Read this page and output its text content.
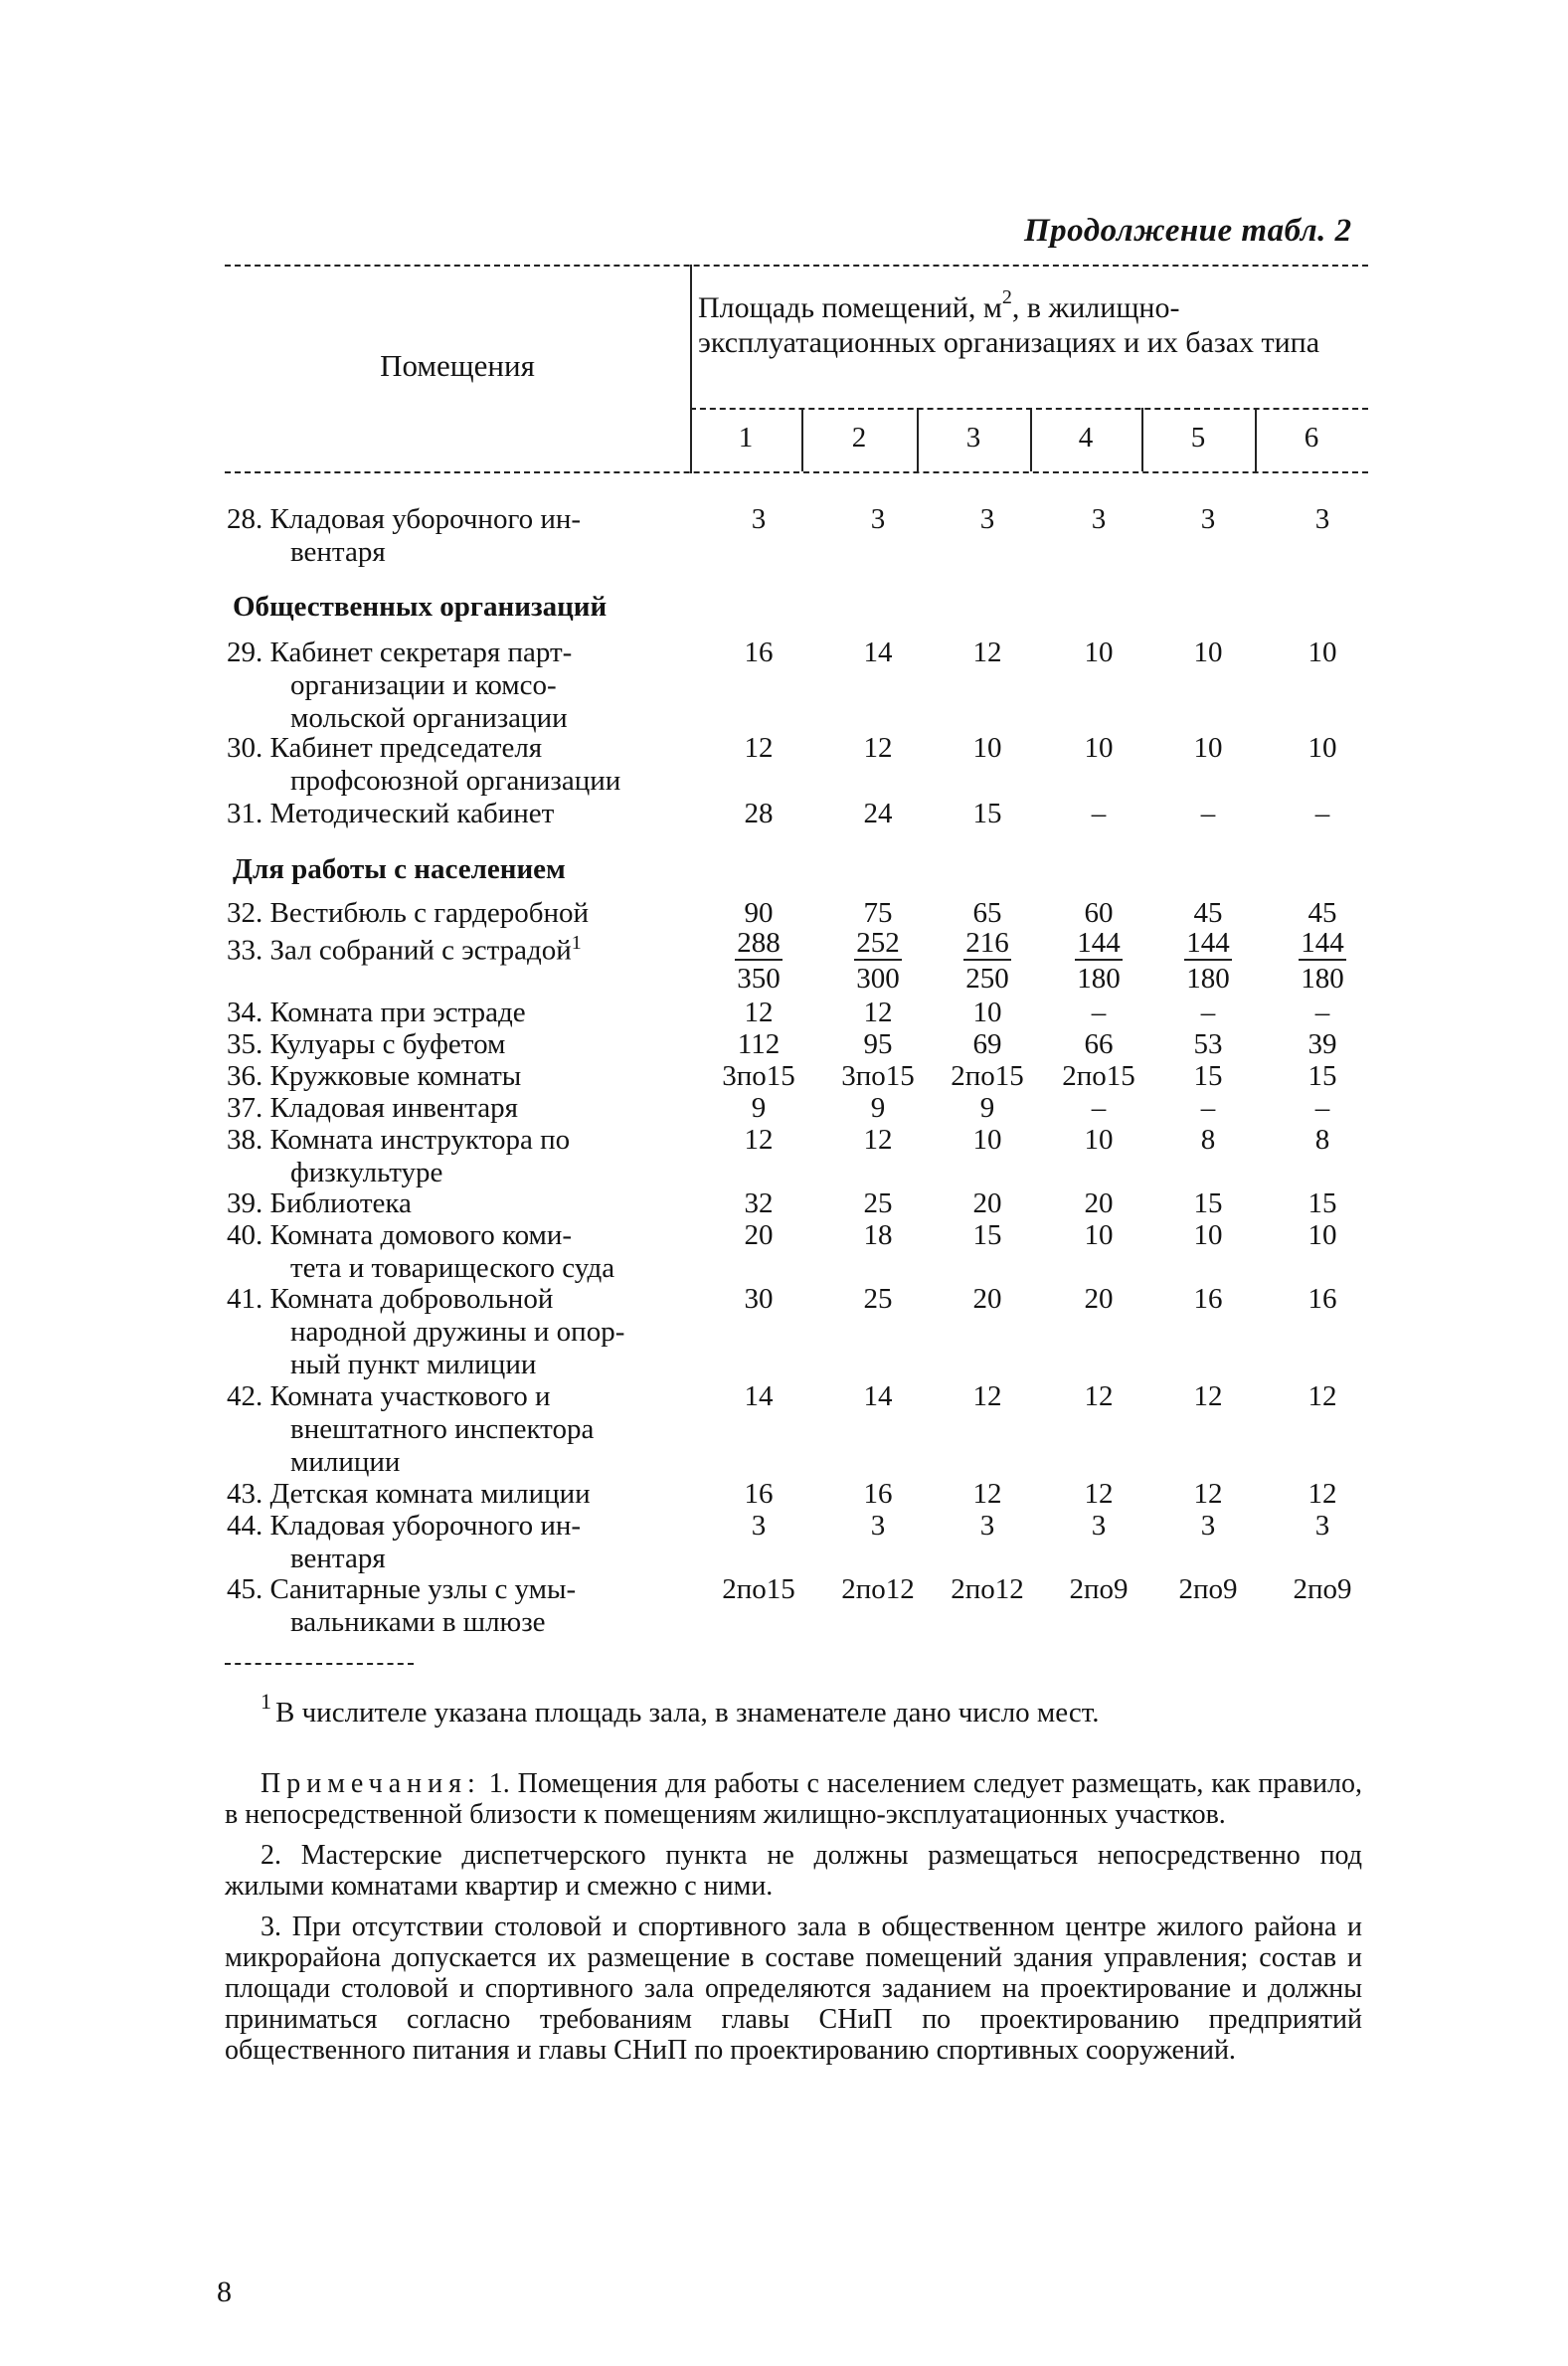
Продолжение табл. 2
Помещения
Площадь помещений, $м^2$, в жилищно- эксплуатационных организациях и их базах типа
1	2	3	4	5	6
28. Кладовая уборочного ин-
вентаря
3	3	3	3	3	3
Общественных организаций
29. Кабинет секретаря парт-
организации и комсо-
мольской организации
16	14	12	10	10	10
30. Кабинет председателя
профсоюзной организации
12	12	10	10	10	10
31. Методический кабинет	28	24	15	–	–	–
Для работы с населением
32. Вестибюль с гардеробной	90	75	65	60	45	45
33. Зал собраний с эстрадой$^1$	$\frac{288}{350}$	$\frac{252}{300} \frac{216}{250} \frac{144}{180} \frac{144}{180} \frac{144}{180}$
34. Комната при эстраде	12	12	10	–	–	–
35. Кулуары с буфетом	112	95	69	66	53	39
36. Кружковые комнаты	3по15	3по15	2по15	2по15	15	15
37. Кладовая инвентаря	9	9	9	–	–	–
38. Комната инструктора по
физкультуре
12	12	10	10	8	8
39. Библиотека	32	25	20	20	15	15
40. Комната домового коми-
тета и товарищеского суда
20	18	15	10	10	10
41. Комната добровольной
народной дружины и опор-
ный пункт милиции
30	25	20	20	16	16
42. Комната участкового и
внештатного инспектора
милиции
14	14	12	12	12	12
43. Детская комната милиции	16	16	12	12	12	12
44. Кладовая уборочного ин-
вентаря
3	3	3	3	3	3
45. Санитарные узлы с умы-
вальниками в шлюзе
2по15	2по12	2по12	2по9	2по9	2по9
$^1$ В числителе указана площадь зала, в знаменателе дано число мест.

Примечания: 1. Помещения для работы с населением следует размещать, как правило, в непосредственной близости к помещениям жилищно-эксплуатационных участков.

2. Мастерские диспетчерского пункта не должны размещаться непосредственно под жилыми комнатами квартир и смежно с ними.

3. При отсутствии столовой и спортивного зала в общественном центре жилого района и микрорайона допускается их размещение в составе помещений здания управления; состав и площади столовой и спортивного зала определяются заданием на проектирование и должны приниматься согласно требованиям главы СНиП по проектированию предприятий общественного питания и главы СНиП по проектированию спортивных сооружений.

8
